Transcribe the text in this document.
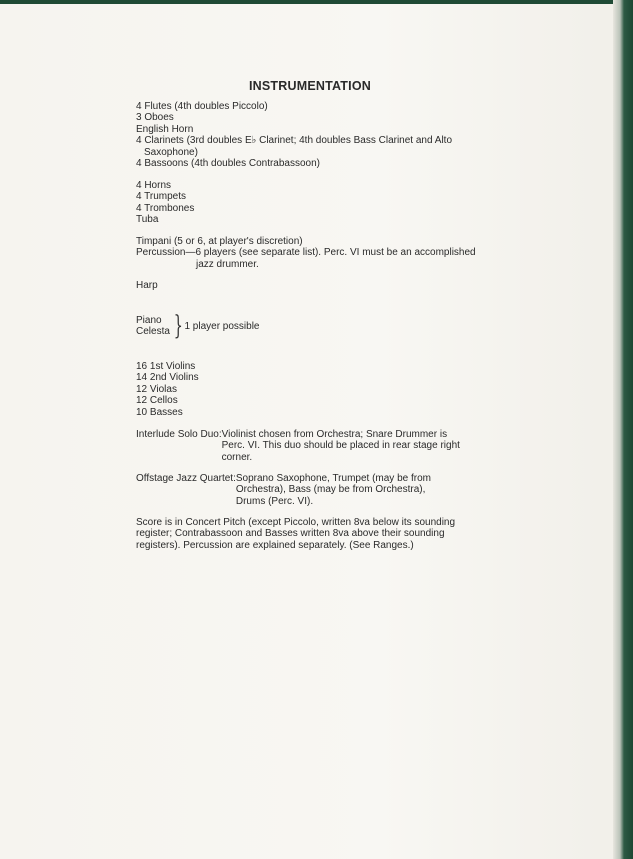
INSTRUMENTATION
4 Flutes (4th doubles Piccolo)
3 Oboes
English Horn
4 Clarinets (3rd doubles E♭ Clarinet; 4th doubles Bass Clarinet and Alto
Saxophone)
4 Bassoons (4th doubles Contrabassoon)
4 Horns
4 Trumpets
4 Trombones
Tuba
Timpani (5 or 6, at player's discretion)
Percussion—6 players (see separate list). Perc. VI must be an accomplished
jazz drummer.
Harp
Piano
Celesta } 1 player possible
16 1st Violins
14 2nd Violins
12 Violas
12 Cellos
10 Basses
Interlude Solo Duo: Violinist chosen from Orchestra; Snare Drummer is
Perc. VI. This duo should be placed in rear stage right
corner.
Offstage Jazz Quartet: Soprano Saxophone, Trumpet (may be from
Orchestra), Bass (may be from Orchestra),
Drums (Perc. VI).
Score is in Concert Pitch (except Piccolo, written 8va below its sounding
register; Contrabassoon and Basses written 8va above their sounding
registers). Percussion are explained separately. (See Ranges.)
